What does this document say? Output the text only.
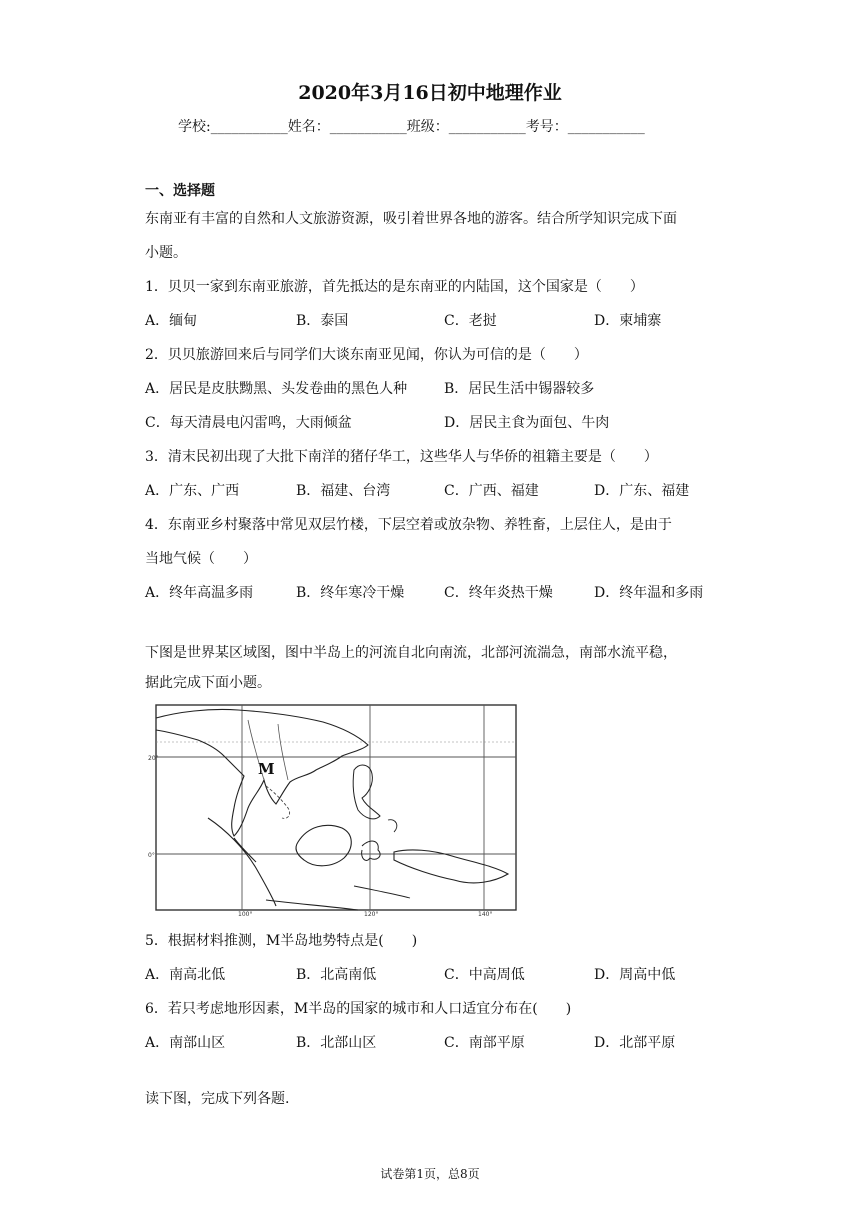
2020年3月16日初中地理作业
学校:___________姓名：___________班级：___________考号：___________
一、选择题
东南亚有丰富的自然和人文旅游资源，吸引着世界各地的游客。结合所学知识完成下面
小题。
1．贝贝一家到东南亚旅游，首先抵达的是东南亚的内陆国，这个国家是（　　）
A．缅甸	B．泰国	C．老挝	D．柬埔寨
2．贝贝旅游回来后与同学们大谈东南亚见闻，你认为可信的是（　　）
A．居民是皮肤黝黑、头发卷曲的黑色人种	B．居民生活中锡器较多
C．每天清晨电闪雷鸣，大雨倾盆	D．居民主食为面包、牛肉
3．清末民初出现了大批下南洋的猪仔华工，这些华人与华侨的祖籍主要是（　　）
A．广东、广西	B．福建、台湾	C．广西、福建	D．广东、福建
4．东南亚乡村聚落中常见双层竹楼，下层空着或放杂物、养牲畜，上层住人，是由于
当地气候（　　）
A．终年高温多雨	B．终年寒冷干燥	C．终年炎热干燥	D．终年温和多雨
下图是世界某区域图，图中半岛上的河流自北向南流，北部河流湍急，南部水流平稳，
据此完成下面小题。
M
100°	120°	140°
20°
0°
5．根据材料推测，M半岛地势特点是(　　)
A．南高北低	B．北高南低	C．中高周低	D．周高中低
6．若只考虑地形因素，M半岛的国家的城市和人口适宜分布在(　　)
A．南部山区	B．北部山区	C．南部平原	D．北部平原
读下图，完成下列各题.
试卷第1页，总8页
